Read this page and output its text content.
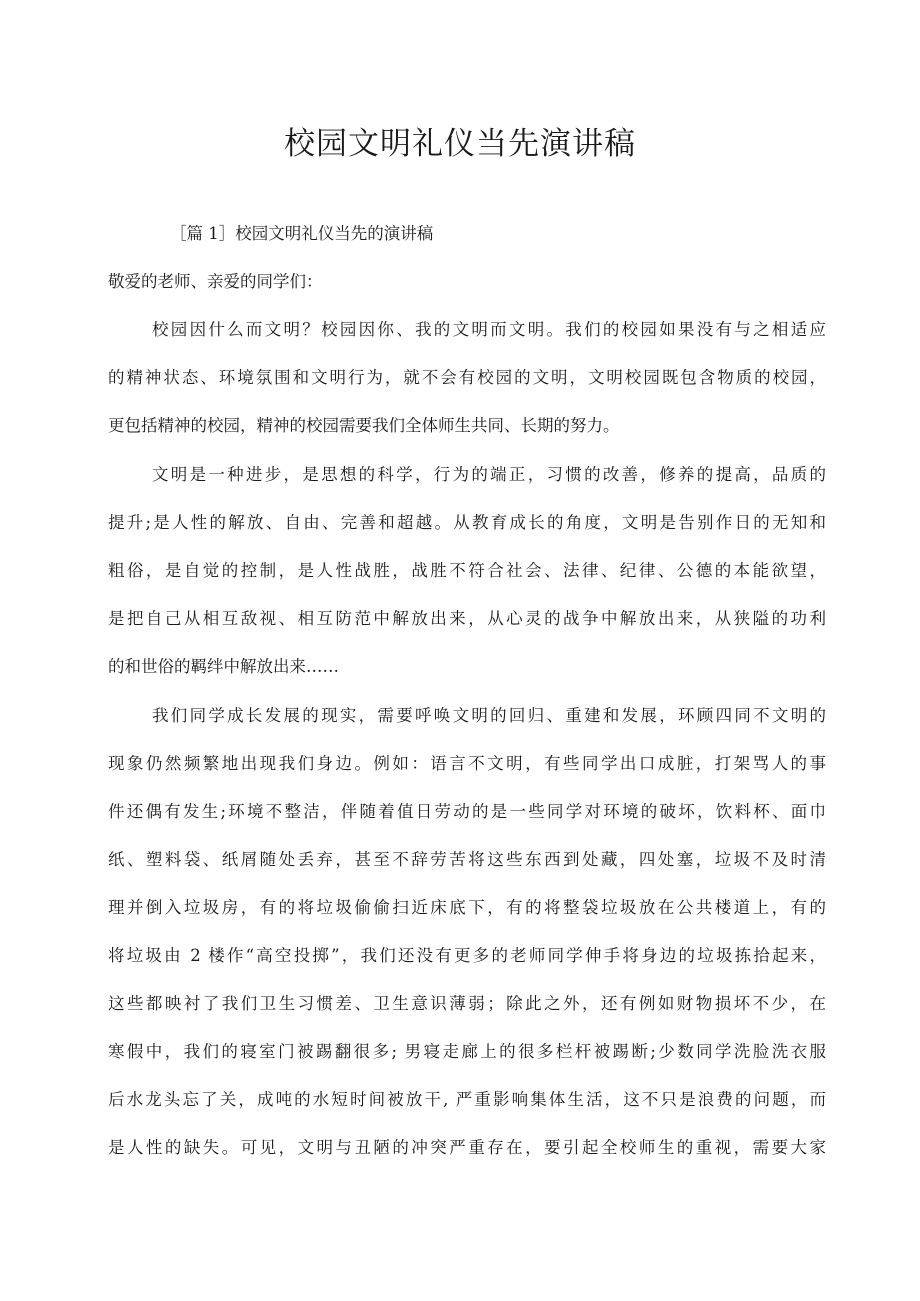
校园文明礼仪当先演讲稿
［篇 1］校园文明礼仪当先的演讲稿
敬爱的老师、亲爱的同学们：
校园因什么而文明？校园因你、我的文明而文明。我们的校园如果没有与之相适应
的精神状态、环境氛围和文明行为，就不会有校园的文明，文明校园既包含物质的校园，
更包括精神的校园，精神的校园需要我们全体师生共同、长期的努力。
文明是一种进步，是思想的科学，行为的端正，习惯的改善，修养的提高，品质的
提升;是人性的解放、自由、完善和超越。从教育成长的角度，文明是告别作日的无知和
粗俗，是自觉的控制，是人性战胜，战胜不符合社会、法律、纪律、公德的本能欲望，
是把自己从相互敌视、相互防范中解放出来，从心灵的战争中解放出来，从狭隘的功利
的和世俗的羁绊中解放出来……
我们同学成长发展的现实，需要呼唤文明的回归、重建和发展，环顾四同不文明的
现象仍然频繁地出现我们身边。例如：语言不文明，有些同学出口成脏，打架骂人的事
件还偶有发生;环境不整洁，伴随着值日劳动的是一些同学对环境的破坏，饮料杯、面巾
纸、塑料袋、纸屑随处丢弃，甚至不辞劳苦将这些东西到处藏，四处塞，垃圾不及时清
理并倒入垃圾房，有的将垃圾偷偷扫近床底下，有的将整袋垃圾放在公共楼道上，有的
将垃圾由 2 楼作“高空投掷”，我们还没有更多的老师同学伸手将身边的垃圾拣拾起来，
这些都映衬了我们卫生习惯差、卫生意识薄弱；除此之外，还有例如财物损坏不少，在
寒假中，我们的寝室门被踢翻很多; 男寝走廊上的很多栏杆被踢断;少数同学洗脸洗衣服
后水龙头忘了关，成吨的水短时间被放干, 严重影响集体生活，这不只是浪费的问题，而
是人性的缺失。可见，文明与丑陋的冲突严重存在，要引起全校师生的重视，需要大家
